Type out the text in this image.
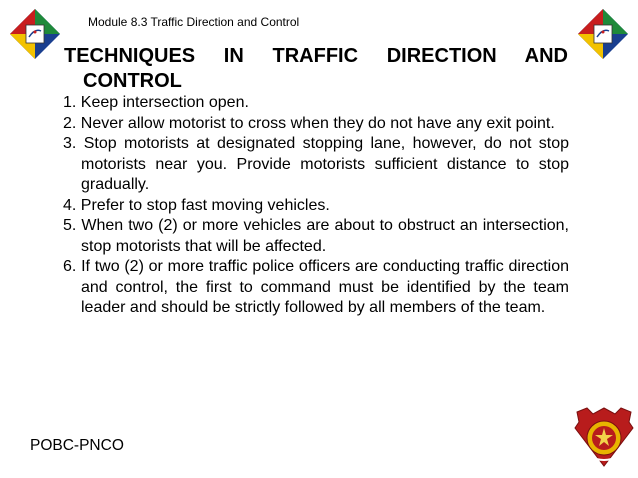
Module 8.3 Traffic Direction and Control
TECHNIQUES IN TRAFFIC DIRECTION AND
CONTROL
1. Keep intersection open.
2. Never allow motorist to cross when they do not have any exit point.
3. Stop motorists at designated stopping lane, however, do not stop motorists near you. Provide motorists sufficient distance to stop gradually.
4. Prefer to stop fast moving vehicles.
5. When two (2) or more vehicles are about to obstruct an intersection, stop motorists that will be affected.
6. If two (2) or more traffic police officers are conducting traffic direction and control, the first to command must be identified by the team leader and should be strictly followed by all members of the team.
POBC-PNCO
